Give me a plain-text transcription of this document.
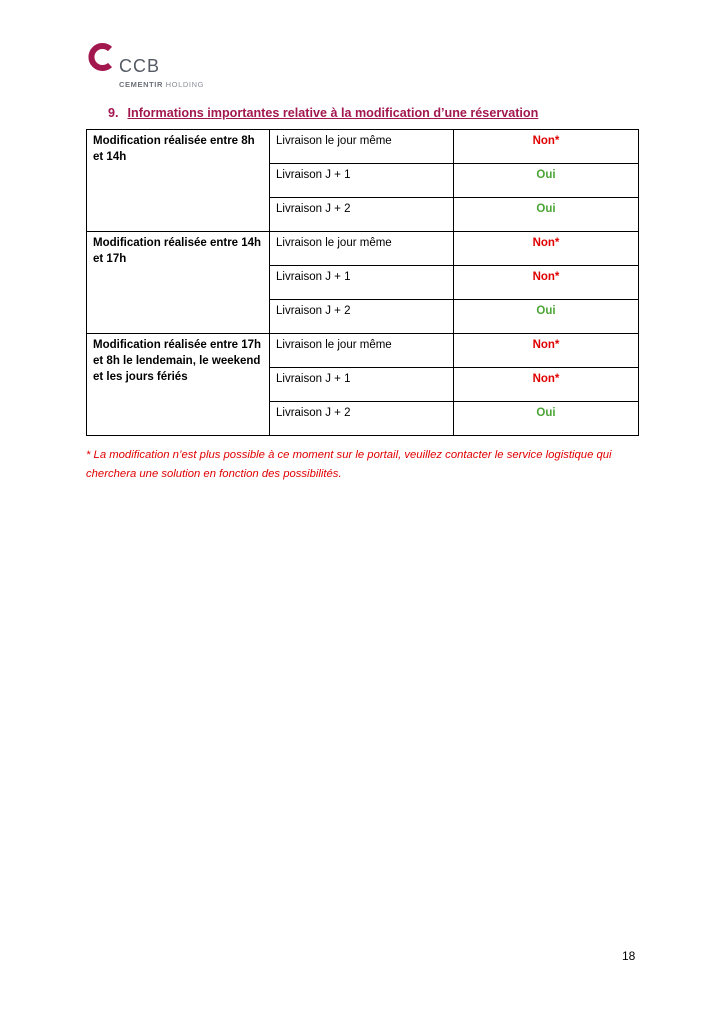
CCB
CEMENTIR HOLDING
9. Informations importantes relative à la modification d’une réservation
Modification réalisée entre 8h et 14h	Livraison le jour même	Non*
	Livraison J + 1	Oui
	Livraison J + 2	Oui
Modification réalisée entre 14h et 17h	Livraison le jour même	Non*
	Livraison J + 1	Non*
	Livraison J + 2	Oui
Modification réalisée entre 17h et 8h le lendemain, le weekend et les jours fériés	Livraison le jour même	Non*
	Livraison J + 1	Non*
	Livraison J + 2	Oui
* La modification n’est plus possible à ce moment sur le portail, veuillez contacter le service logistique qui cherchera une solution en fonction des possibilités.
18
